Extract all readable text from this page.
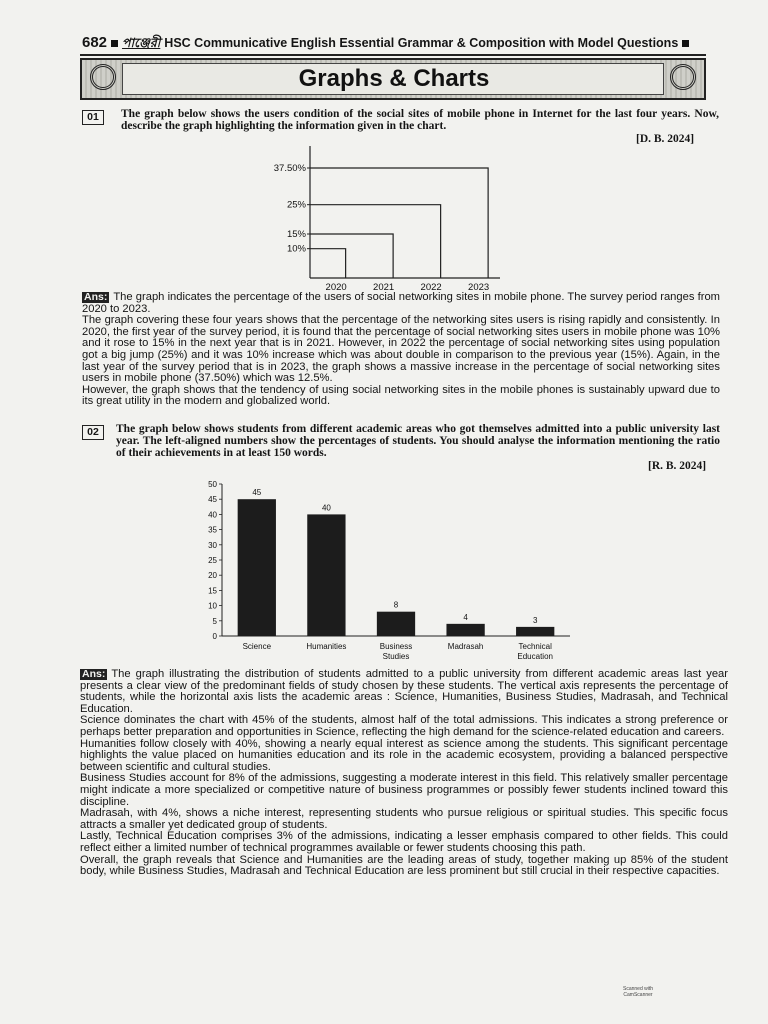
682 পাঞ্জেরী HSC Communicative English Essential Grammar & Composition with Model Questions
Graphs & Charts
01	The graph below shows the users condition of the social sites of mobile phone in Internet for the last four years. Now, describe the graph highlighting the information given in the chart.
[D. B. 2024]
10%
2020
15%
2021
25%
2022
37.50%
2023

Ans: The graph indicates the percentage of the users of social networking sites in mobile phone. The survey period ranges from 2020 to 2023.

The graph covering these four years shows that the percentage of the networking sites users is rising rapidly and consistently. In 2020, the first year of the survey period, it is found that the percentage of social networking sites users in mobile phone was 10% and it rose to 15% in the next year that is in 2021. However, in 2022 the percentage of social networking sites using population got a big jump (25%) and it was 10% increase which was about double in comparison to the previous year (15%). Again, in the last year of the survey period that is in 2023, the graph shows a massive increase in the percentage of social networking sites users in mobile phone (37.50%) which was 12.5%.

However, the graph shows that the tendency of using social networking sites in the mobile phones is sustainably upward due to its great utility in the modern and globalized world.

02	The graph below shows students from different academic areas who got themselves admitted into a public university last year. The left-aligned numbers show the percentages of students. You should analyse the information mentioning the ratio of their achievements in at least 150 words.
[R. B. 2024]
0
5
10
15
20
25
30
35
40
45
50
45
Science
40
Humanities
8
Business
Studies
4
Madrasah
3
Technical
Education

Ans: The graph illustrating the distribution of students admitted to a public university from different academic areas last year presents a clear view of the predominant fields of study chosen by these students. The vertical axis represents the percentage of students, while the horizontal axis lists the academic areas : Science, Humanities, Business Studies, Madrasah, and Technical Education.

Science dominates the chart with 45% of the students, almost half of the total admissions. This indicates a strong preference or perhaps better preparation and opportunities in Science, reflecting the high demand for the science-related education and careers.

Humanities follow closely with 40%, showing a nearly equal interest as science among the students. This significant percentage highlights the value placed on humanities education and its role in the academic ecosystem, providing a balanced perspective between scientific and cultural studies.

Business Studies account for 8% of the admissions, suggesting a moderate interest in this field. This relatively smaller percentage might indicate a more specialized or competitive nature of business programmes or possibly fewer students inclined toward this discipline.

Madrasah, with 4%, shows a niche interest, representing students who pursue religious or spiritual studies. This specific focus attracts a smaller yet dedicated group of students.

Lastly, Technical Education comprises 3% of the admissions, indicating a lesser emphasis compared to other fields. This could reflect either a limited number of technical programmes available or fewer students choosing this path.

Overall, the graph reveals that Science and Humanities are the leading areas of study, together making up 85% of the student body, while Business Studies, Madrasah and Technical Education are less prominent but still crucial in their respective capacities.

Scanned with CamScanner
